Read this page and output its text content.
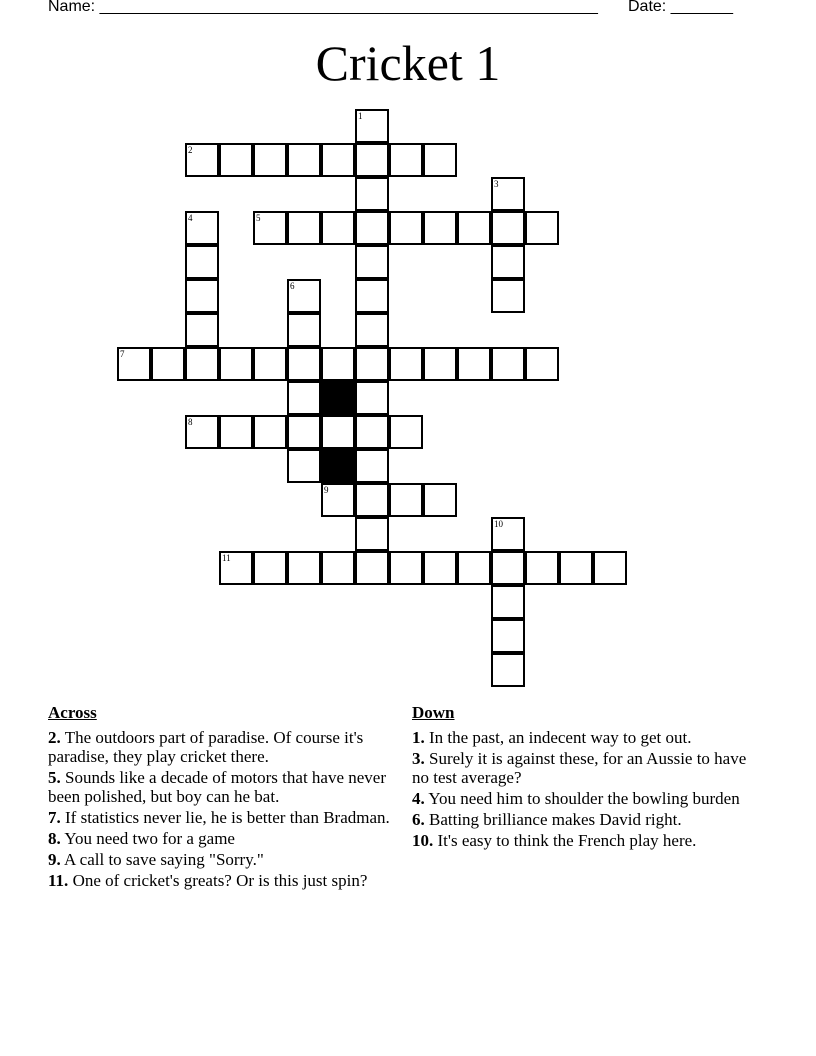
Name: ________________________________________________________ Date: _______
Cricket 1
1
2
3
4	5
6
7
8
9
10
11
Across
2. The outdoors part of paradise. Of course it's paradise, they play cricket there.
5. Sounds like a decade of motors that have never been polished, but boy can he bat.
7. If statistics never lie, he is better than Bradman.
8. You need two for a game
9. A call to save saying "Sorry."
11. One of cricket's greats? Or is this just spin?
Down
1. In the past, an indecent way to get out.
3. Surely it is against these, for an Aussie to have no test average?
4. You need him to shoulder the bowling burden
6. Batting brilliance makes David right.
10. It's easy to think the French play here.
